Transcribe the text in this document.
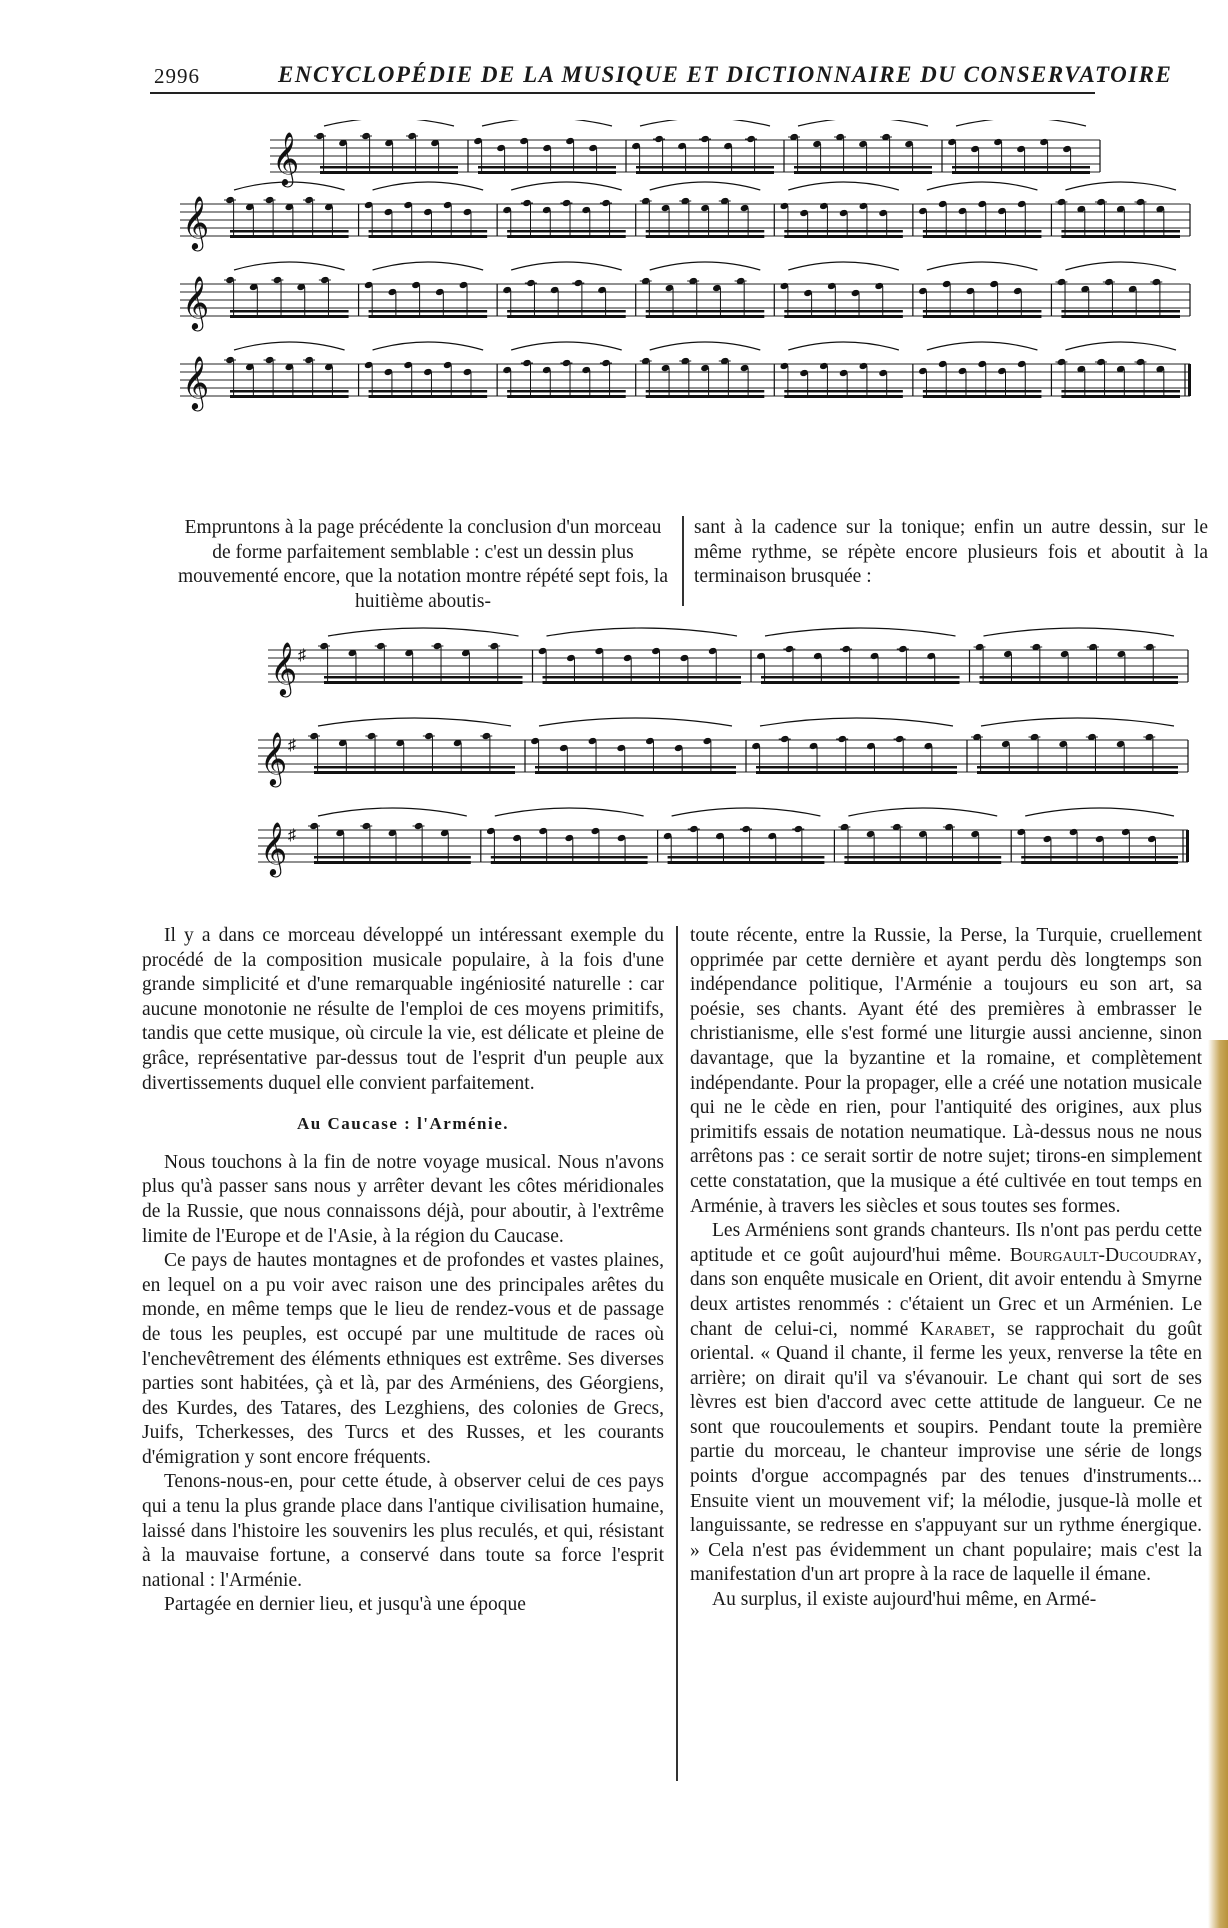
2996	ENCYCLOPÉDIE DE LA MUSIQUE ET DICTIONNAIRE DU CONSERVATOIRE
𝄞
𝄞
𝄞
𝄞

Empruntons à la page précédente la conclusion d'un morceau de forme parfaitement semblable : c'est un dessin plus mouvementé encore, que la notation montre répété sept fois, la huitième aboutis-

sant à la cadence sur la tonique; enfin un autre dessin, sur le même rythme, se répète encore plusieurs fois et aboutit à la terminaison brusquée :

𝄞 ♯
𝄞 ♯
𝄞 ♯

Il y a dans ce morceau développé un intéressant exemple du procédé de la composition musicale populaire, à la fois d'une grande simplicité et d'une remarquable ingéniosité naturelle : car aucune monotonie ne résulte de l'emploi de ces moyens primitifs, tandis que cette musique, où circule la vie, est délicate et pleine de grâce, représentative par-dessus tout de l'esprit d'un peuple aux divertissements duquel elle convient parfaitement.

Au Caucase : l'Arménie.

Nous touchons à la fin de notre voyage musical. Nous n'avons plus qu'à passer sans nous y arrêter devant les côtes méridionales de la Russie, que nous connaissons déjà, pour aboutir, à l'extrême limite de l'Europe et de l'Asie, à la région du Caucase.

Ce pays de hautes montagnes et de profondes et vastes plaines, en lequel on a pu voir avec raison une des principales arêtes du monde, en même temps que le lieu de rendez-vous et de passage de tous les peuples, est occupé par une multitude de races où l'enchevêtrement des éléments ethniques est extrême. Ses diverses parties sont habitées, çà et là, par des Arméniens, des Géorgiens, des Kurdes, des Tatares, des Lezghiens, des colonies de Grecs, Juifs, Tcherkesses, des Turcs et des Russes, et les courants d'émigration y sont encore fréquents.

Tenons-nous-en, pour cette étude, à observer celui de ces pays qui a tenu la plus grande place dans l'antique civilisation humaine, laissé dans l'histoire les souvenirs les plus reculés, et qui, résistant à la mauvaise fortune, a conservé dans toute sa force l'esprit national : l'Arménie.

Partagée en dernier lieu, et jusqu'à une époque

toute récente, entre la Russie, la Perse, la Turquie, cruellement opprimée par cette dernière et ayant perdu dès longtemps son indépendance politique, l'Arménie a toujours eu son art, sa poésie, ses chants. Ayant été des premières à embrasser le christianisme, elle s'est formé une liturgie aussi ancienne, sinon davantage, que la byzantine et la romaine, et complètement indépendante. Pour la propager, elle a créé une notation musicale qui ne le cède en rien, pour l'antiquité des origines, aux plus primitifs essais de notation neumatique. Là-dessus nous ne nous arrêtons pas : ce serait sortir de notre sujet; tirons-en simplement cette constatation, que la musique a été cultivée en tout temps en Arménie, à travers les siècles et sous toutes ses formes.

Les Arméniens sont grands chanteurs. Ils n'ont pas perdu cette aptitude et ce goût aujourd'hui même. Bourgault-Ducoudray, dans son enquête musicale en Orient, dit avoir entendu à Smyrne deux artistes renommés : c'étaient un Grec et un Arménien. Le chant de celui-ci, nommé Karabet, se rapprochait du goût oriental. « Quand il chante, il ferme les yeux, renverse la tête en arrière; on dirait qu'il va s'évanouir. Le chant qui sort de ses lèvres est bien d'accord avec cette attitude de langueur. Ce ne sont que roucoulements et soupirs. Pendant toute la première partie du morceau, le chanteur improvise une série de longs points d'orgue accompagnés par des tenues d'instruments... Ensuite vient un mouvement vif; la mélodie, jusque-là molle et languissante, se redresse en s'appuyant sur un rythme énergique. » Cela n'est pas évidemment un chant populaire; mais c'est la manifestation d'un art propre à la race de laquelle il émane.

Au surplus, il existe aujourd'hui même, en Armé-
